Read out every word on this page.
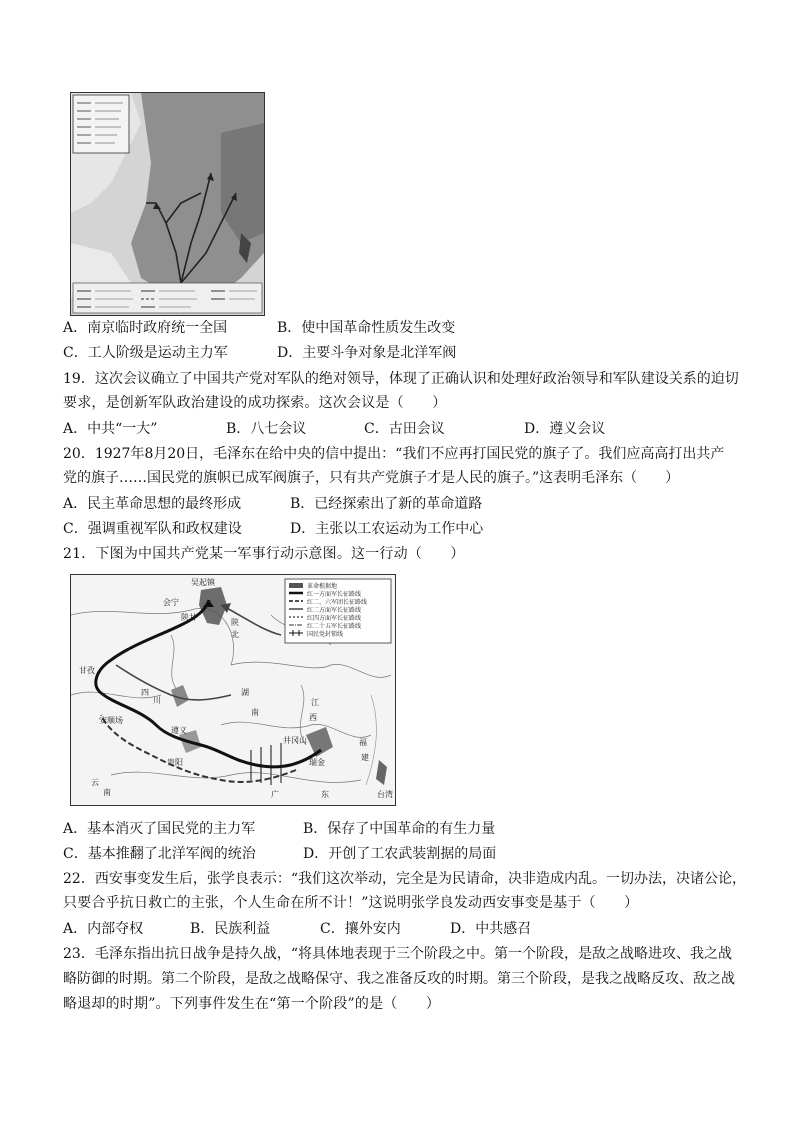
A．南京临时政府统一全国	B．使中国革命性质发生改变
C．工人阶级是运动主力军	D．主要斗争对象是北洋军阀
19．这次会议确立了中国共产党对军队的绝对领导，体现了正确认识和处理好政治领导和军队建设关系的迫切
要求，是创新军队政治建设的成功探索。这次会议是（　　）
A．中共“一大”	B．八七会议	C．古田会议	D．遵义会议
20．1927年8月20日，毛泽东在给中央的信中提出：“我们不应再打国民党的旗子了。我们应高高打出共产
党的旗子……国民党的旗帜已成军阀旗子，只有共产党旗子才是人民的旗子。”这表明毛泽东（　　）
A．民主革命思想的最终形成	B．已经探索出了新的革命道路
C．强调重视军队和政权建设	D．主张以工农运动为工作中心
21．下图为中国共产党某一军事行动示意图。这一行动（　　）
甘孜
吴起镇
会宁
安顺场
遵义
贵阳	瑞金
井冈山
四
川
湖
南
江
西
福
建
广	东
云
南	台湾
陕
北
陕甘
革命根据地
红一方面军长征路线
红二、六军团长征路线
红二方面军长征路线
红四方面军长征路线
红二十五军长征路线
国民党封锁线
A．基本消灭了国民党的主力军	B．保存了中国革命的有生力量
C．基本推翻了北洋军阀的统治	D．开创了工农武装割据的局面
22．西安事变发生后，张学良表示：“我们这次举动，完全是为民请命，决非造成内乱。一切办法，决诸公论，
只要合乎抗日救亡的主张，个人生命在所不计！”这说明张学良发动西安事变是基于（　　）
A．内部夺权	B．民族利益	C．攘外安内	D．中共感召
23．毛泽东指出抗日战争是持久战，“将具体地表现于三个阶段之中。第一个阶段，是敌之战略进攻、我之战
略防御的时期。第二个阶段，是敌之战略保守、我之准备反攻的时期。第三个阶段，是我之战略反攻、敌之战
略退却的时期”。下列事件发生在“第一个阶段”的是（　　）
